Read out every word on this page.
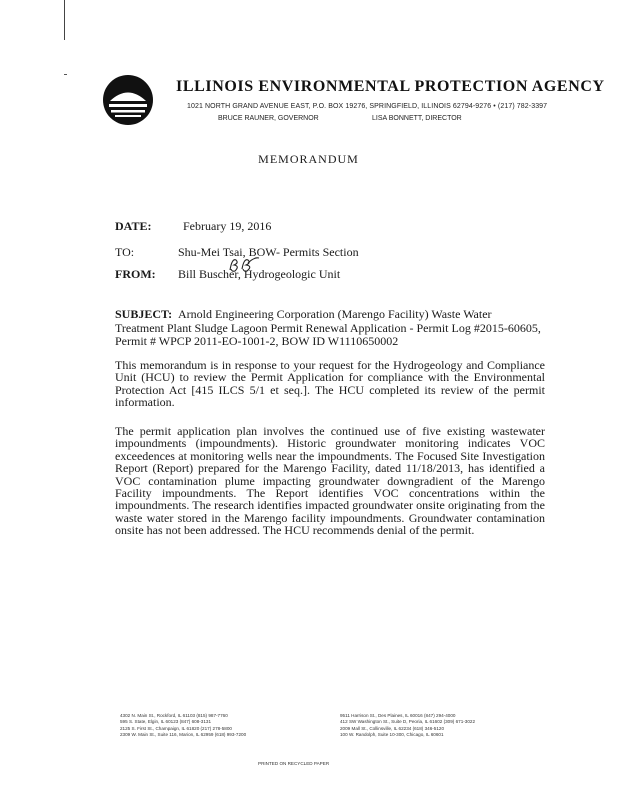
ILLINOIS ENVIRONMENTAL PROTECTION AGENCY
1021 NORTH GRAND AVENUE EAST, P.O. BOX 19276, SPRINGFIELD, ILLINOIS 62794-9276 • (217) 782-3397
BRUCE RAUNER, GOVERNOR	LISA BONNETT, DIRECTOR
MEMORANDUM
DATE:	February 19, 2016
TO:	Shu-Mei Tsai, BOW- Permits Section
FROM: Bill Buscher, Hydrogeologic Unit
SUBJECT: Arnold Engineering Corporation (Marengo Facility) Waste Water
Treatment Plant Sludge Lagoon Permit Renewal Application - Permit Log #2015-60605,
Permit # WPCP 2011-EO-1001-2, BOW ID W1110650002
This memorandum is in response to your request for the Hydrogeology and Compliance Unit (HCU) to review the Permit Application for compliance with the Environmental Protection Act [415 ILCS 5/1 et seq.]. The HCU completed its review of the permit information.
The permit application plan involves the continued use of five existing wastewater impoundments (impoundments). Historic groundwater monitoring indicates VOC exceedences at monitoring wells near the impoundments. The Focused Site Investigation Report (Report) prepared for the Marengo Facility, dated 11/18/2013, has identified a VOC contamination plume impacting groundwater downgradient of the Marengo Facility impoundments. The Report identifies VOC concentrations within the impoundments. The research identifies impacted groundwater onsite originating from the waste water stored in the Marengo facility impoundments. Groundwater contamination onsite has not been addressed. The HCU recommends denial of the permit.
4302 N. Main St., Rockford, IL 61103 (815) 987-7760
595 S. State, Elgin, IL 60123 (847) 608-3131
2125 S. First St., Champaign, IL 61820 (217) 278-5800
2309 W. Main St., Suite 116, Marion, IL 62959 (618) 993-7200
9511 Harrison St., Des Plaines, IL 60016 (847) 294-4000
412 SW Washington St., Suite D, Peoria, IL 61602 (309) 671-3022
2009 Mall St., Collinsville, IL 62234 (618) 346-5120
100 W. Randolph, Suite 10-300, Chicago, IL 60601
PRINTED ON RECYCLED PAPER
